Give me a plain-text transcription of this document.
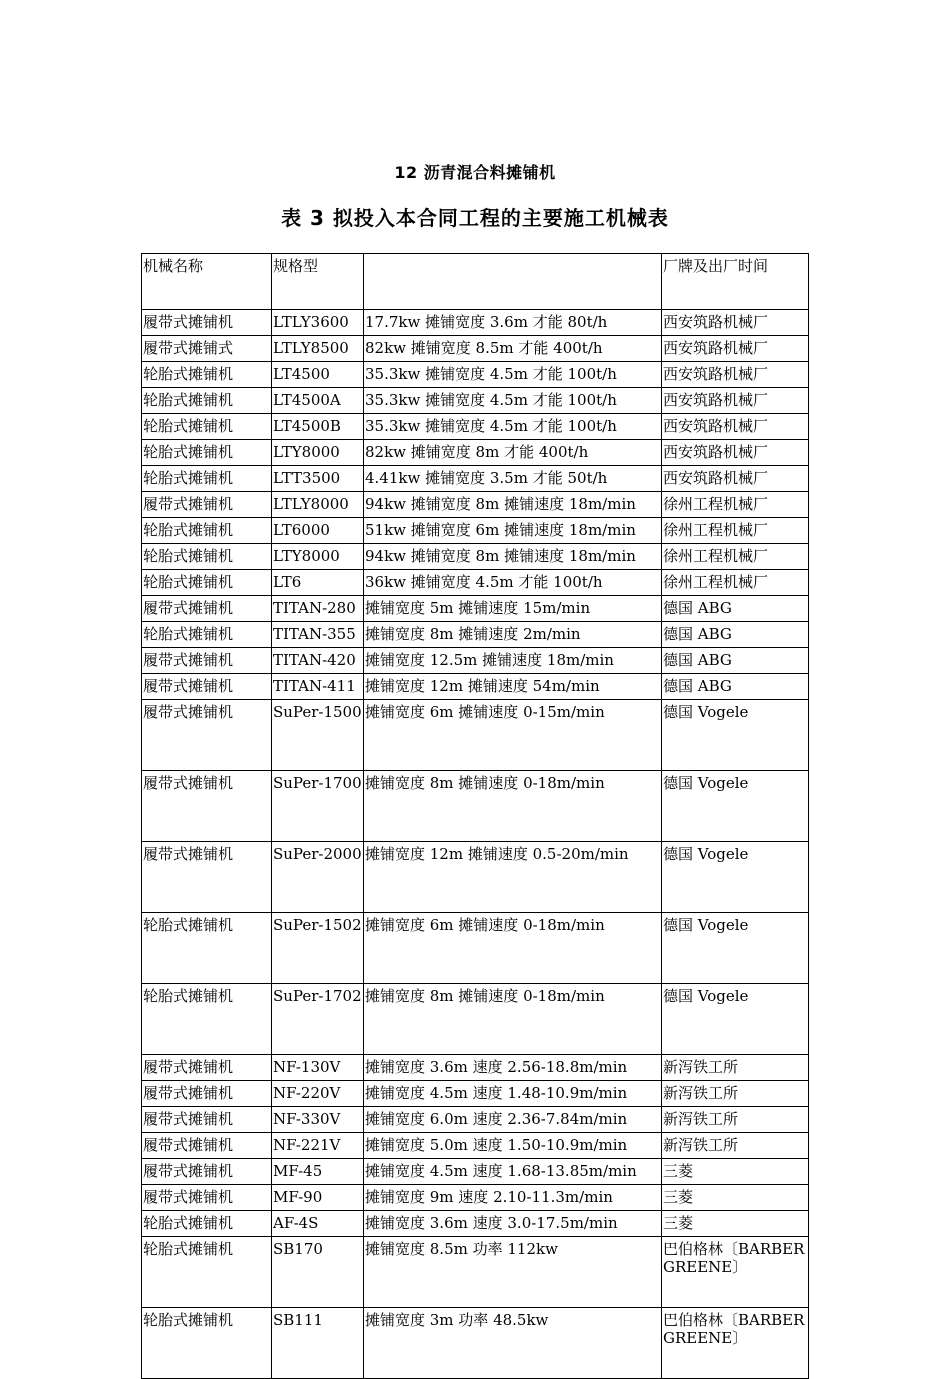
12 沥青混合料摊铺机
表 3 拟投入本合同工程的主要施工机械表
机械名称	规格型		厂牌及出厂时间
履带式摊铺机	LTLY3600	17.7kw 摊铺宽度 3.6m 才能 80t/h	西安筑路机械厂
履带式摊铺式	LTLY8500	82kw 摊铺宽度 8.5m 才能 400t/h	西安筑路机械厂
轮胎式摊铺机	LT4500	35.3kw 摊铺宽度 4.5m 才能 100t/h	西安筑路机械厂
轮胎式摊铺机	LT4500A	35.3kw 摊铺宽度 4.5m 才能 100t/h	西安筑路机械厂
轮胎式摊铺机	LT4500B	35.3kw 摊铺宽度 4.5m 才能 100t/h	西安筑路机械厂
轮胎式摊铺机	LTY8000	82kw 摊铺宽度 8m 才能 400t/h	西安筑路机械厂
轮胎式摊铺机	LTT3500	4.41kw 摊铺宽度 3.5m 才能 50t/h	西安筑路机械厂
履带式摊铺机	LTLY8000	94kw 摊铺宽度 8m 摊铺速度 18m/min	徐州工程机械厂
轮胎式摊铺机	LT6000	51kw 摊铺宽度 6m 摊铺速度 18m/min	徐州工程机械厂
轮胎式摊铺机	LTY8000	94kw 摊铺宽度 8m 摊铺速度 18m/min	徐州工程机械厂
轮胎式摊铺机	LT6	36kw 摊铺宽度 4.5m 才能 100t/h	徐州工程机械厂
履带式摊铺机	TITAN-280	摊铺宽度 5m 摊铺速度 15m/min	德国 ABG
轮胎式摊铺机	TITAN-355	摊铺宽度 8m 摊铺速度 2m/min	德国 ABG
履带式摊铺机	TITAN-420	摊铺宽度 12.5m 摊铺速度 18m/min	德国 ABG
履带式摊铺机	TITAN-411	摊铺宽度 12m 摊铺速度 54m/min	德国 ABG
履带式摊铺机	SuPer-1500	摊铺宽度 6m 摊铺速度 0-15m/min	德国 Vogele
履带式摊铺机	SuPer-1700	摊铺宽度 8m 摊铺速度 0-18m/min	德国 Vogele
履带式摊铺机	SuPer-2000	摊铺宽度 12m 摊铺速度 0.5-20m/min	德国 Vogele
轮胎式摊铺机	SuPer-1502	摊铺宽度 6m 摊铺速度 0-18m/min	德国 Vogele
轮胎式摊铺机	SuPer-1702	摊铺宽度 8m 摊铺速度 0-18m/min	德国 Vogele
履带式摊铺机	NF-130V	摊铺宽度 3.6m 速度 2.56-18.8m/min	新泻铁工所
履带式摊铺机	NF-220V	摊铺宽度 4.5m 速度 1.48-10.9m/min	新泻铁工所
履带式摊铺机	NF-330V	摊铺宽度 6.0m 速度 2.36-7.84m/min	新泻铁工所
履带式摊铺机	NF-221V	摊铺宽度 5.0m 速度 1.50-10.9m/min	新泻铁工所
履带式摊铺机	MF-45	摊铺宽度 4.5m 速度 1.68-13.85m/min	三菱
履带式摊铺机	MF-90	摊铺宽度 9m 速度 2.10-11.3m/min	三菱
轮胎式摊铺机	AF-4S	摊铺宽度 3.6m 速度 3.0-17.5m/min	三菱
轮胎式摊铺机	SB170	摊铺宽度 8.5m 功率 112kw	巴伯格林〔BARBER GREENE〕
轮胎式摊铺机	SB111	摊铺宽度 3m 功率 48.5kw	巴伯格林〔BARBER GREENE〕
